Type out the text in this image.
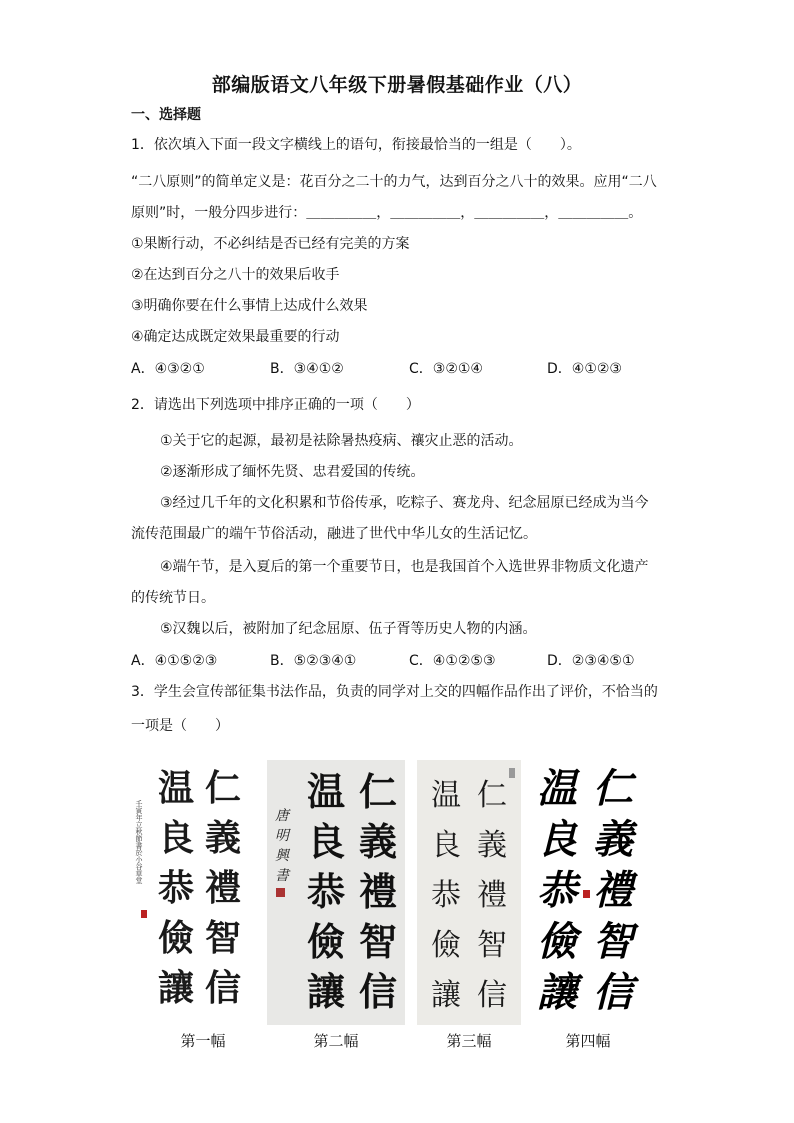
部编版语文八年级下册暑假基础作业（八）
一、选择题
1．依次填入下面一段文字横线上的语句，衔接最恰当的一组是（　　）。
“二八原则”的简单定义是：花百分之二十的力气，达到百分之八十的效果。应用“二八
原则”时，一般分四步进行：＿＿＿＿＿，＿＿＿＿＿，＿＿＿＿＿，＿＿＿＿＿。
①果断行动，不必纠结是否已经有完美的方案
②在达到百分之八十的效果后收手
③明确你要在什么事情上达成什么效果
④确定达成既定效果最重要的行动
A．④③②①	B．③④①②	C．③②①④	D．④①②③
2．请选出下列选项中排序正确的一项（　　）
①关于它的起源，最初是祛除暑热疫病、禳灾止恶的活动。
②逐渐形成了缅怀先贤、忠君爱国的传统。
③经过几千年的文化积累和节俗传承，吃粽子、赛龙舟、纪念屈原已经成为当今
流传范围最广的端午节俗活动，融进了世代中华儿女的生活记忆。
④端午节，是入夏后的第一个重要节日，也是我国首个入选世界非物质文化遗产
的传统节日。
⑤汉魏以后，被附加了纪念屈原、伍子胥等历史人物的内涵。
A．④①⑤②③	B．⑤②③④①	C．④①②⑤③	D．②③④⑤①
3．学生会宣传部征集书法作品，负责的同学对上交的四幅作品作出了评价，不恰当的
一项是（　　）
仁
義
禮
智
信
温
良
恭
儉
讓
壬寅年立秋節書於小谷草堂
仁
義
禮
智
信
温
良
恭
儉
讓
唐
明
興
書
仁
義
禮
智
信
温
良
恭
儉
讓
仁
義
禮
智
信
温
良
恭
儉
讓
第一幅	第二幅	第三幅	第四幅
